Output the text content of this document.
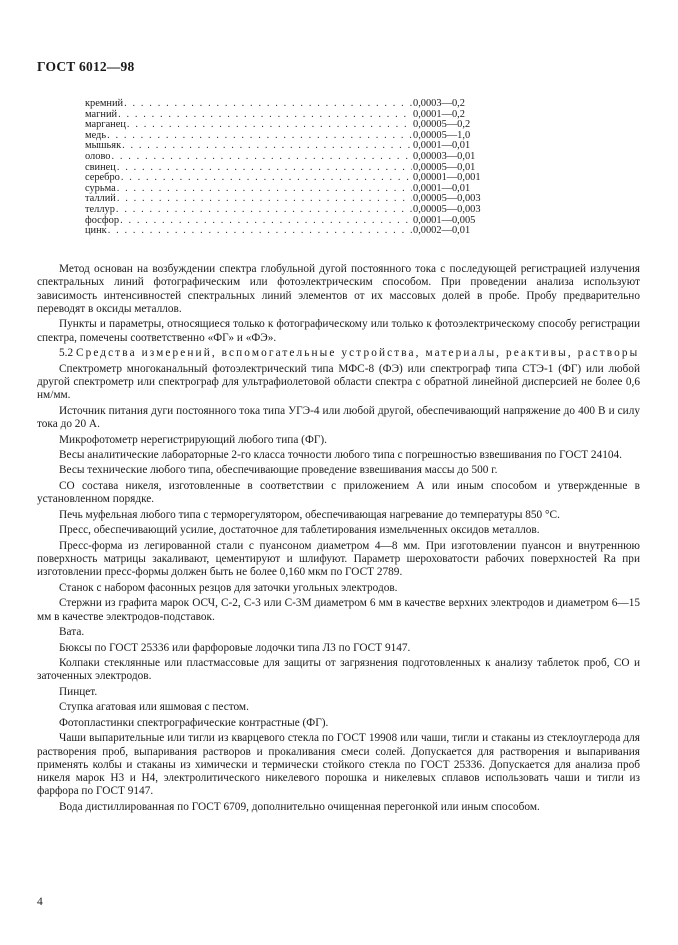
ГОСТ 6012—98
кремний . . .	0,0003—0,2
магний . . .	0,0001—0,2
марганец . . .	0,00005—0,2
медь . . .	0,00005—1,0
мышьяк . . .	0,0001—0,01
олово . . .	0,00003—0,01
свинец . . .	0,00005—0,01
серебро . . .	0,00001—0,001
сурьма . . .	0,0001—0,01
таллий . . .	0,00005—0,003
теллур . . .	0,00005—0,003
фосфор . . .	0,0001—0,005
цинк . . .	0,0002—0,01

Метод основан на возбуждении спектра глобульной дугой постоянного тока с последующей регистрацией излучения спектральных линий фотографическим или фотоэлектрическим способом. При проведении анализа используют зависимость интенсивностей спектральных линий элементов от их массовых долей в пробе. Пробу предварительно переводят в оксиды металлов.

Пункты и параметры, относящиеся только к фотографическому или только к фотоэлектрическому способу регистрации спектра, помечены соответственно «ФГ» и «ФЭ».

5.2 Средства измерений, вспомогательные устройства, материалы, реактивы, растворы

Спектрометр многоканальный фотоэлектрический типа МФС-8 (ФЭ) или спектрограф типа СТЭ-1 (ФГ) или любой другой спектрометр или спектрограф для ультрафиолетовой области спектра с обратной линейной дисперсией не более 0,6 нм/мм.

Источник питания дуги постоянного тока типа УГЭ-4 или любой другой, обеспечивающий напряжение до 400 В и силу тока до 20 А.

Микрофотометр нерегистрирующий любого типа (ФГ).

Весы аналитические лабораторные 2-го класса точности любого типа с погрешностью взвешивания по ГОСТ 24104.

Весы технические любого типа, обеспечивающие проведение взвешивания массы до 500 г.

СО состава никеля, изготовленные в соответствии с приложением А или иным способом и утвержденные в установленном порядке.

Печь муфельная любого типа с терморегулятором, обеспечивающая нагревание до температуры 850 °С.

Пресс, обеспечивающий усилие, достаточное для таблетирования измельченных оксидов металлов.

Пресс-форма из легированной стали с пуансоном диаметром 4—8 мм. При изготовлении пуансон и внутреннюю поверхность матрицы закаливают, цементируют и шлифуют. Параметр шероховатости рабочих поверхностей Ra при изготовлении пресс-формы должен быть не более 0,160 мкм по ГОСТ 2789.

Станок с набором фасонных резцов для заточки угольных электродов.

Стержни из графита марок ОСЧ, С-2, С-3 или С-3М диаметром 6 мм в качестве верхних электродов и диаметром 6—15 мм в качестве электродов-подставок.

Вата.

Бюксы по ГОСТ 25336 или фарфоровые лодочки типа Л3 по ГОСТ 9147.

Колпаки стеклянные или пластмассовые для защиты от загрязнения подготовленных к анализу таблеток проб, СО и заточенных электродов.

Пинцет.

Ступка агатовая или яшмовая с пестом.

Фотопластинки спектрографические контрастные (ФГ).

Чаши выпарительные или тигли из кварцевого стекла по ГОСТ 19908 или чаши, тигли и стаканы из стеклоуглерода для растворения проб, выпаривания растворов и прокаливания смеси солей. Допускается для растворения и выпаривания применять колбы и стаканы из химически и термически стойкого стекла по ГОСТ 25336. Допускается для анализа проб никеля марок Н3 и Н4, электролитического никелевого порошка и никелевых сплавов использовать чаши и тигли из фарфора по ГОСТ 9147.

Вода дистиллированная по ГОСТ 6709, дополнительно очищенная перегонкой или иным способом.

4
